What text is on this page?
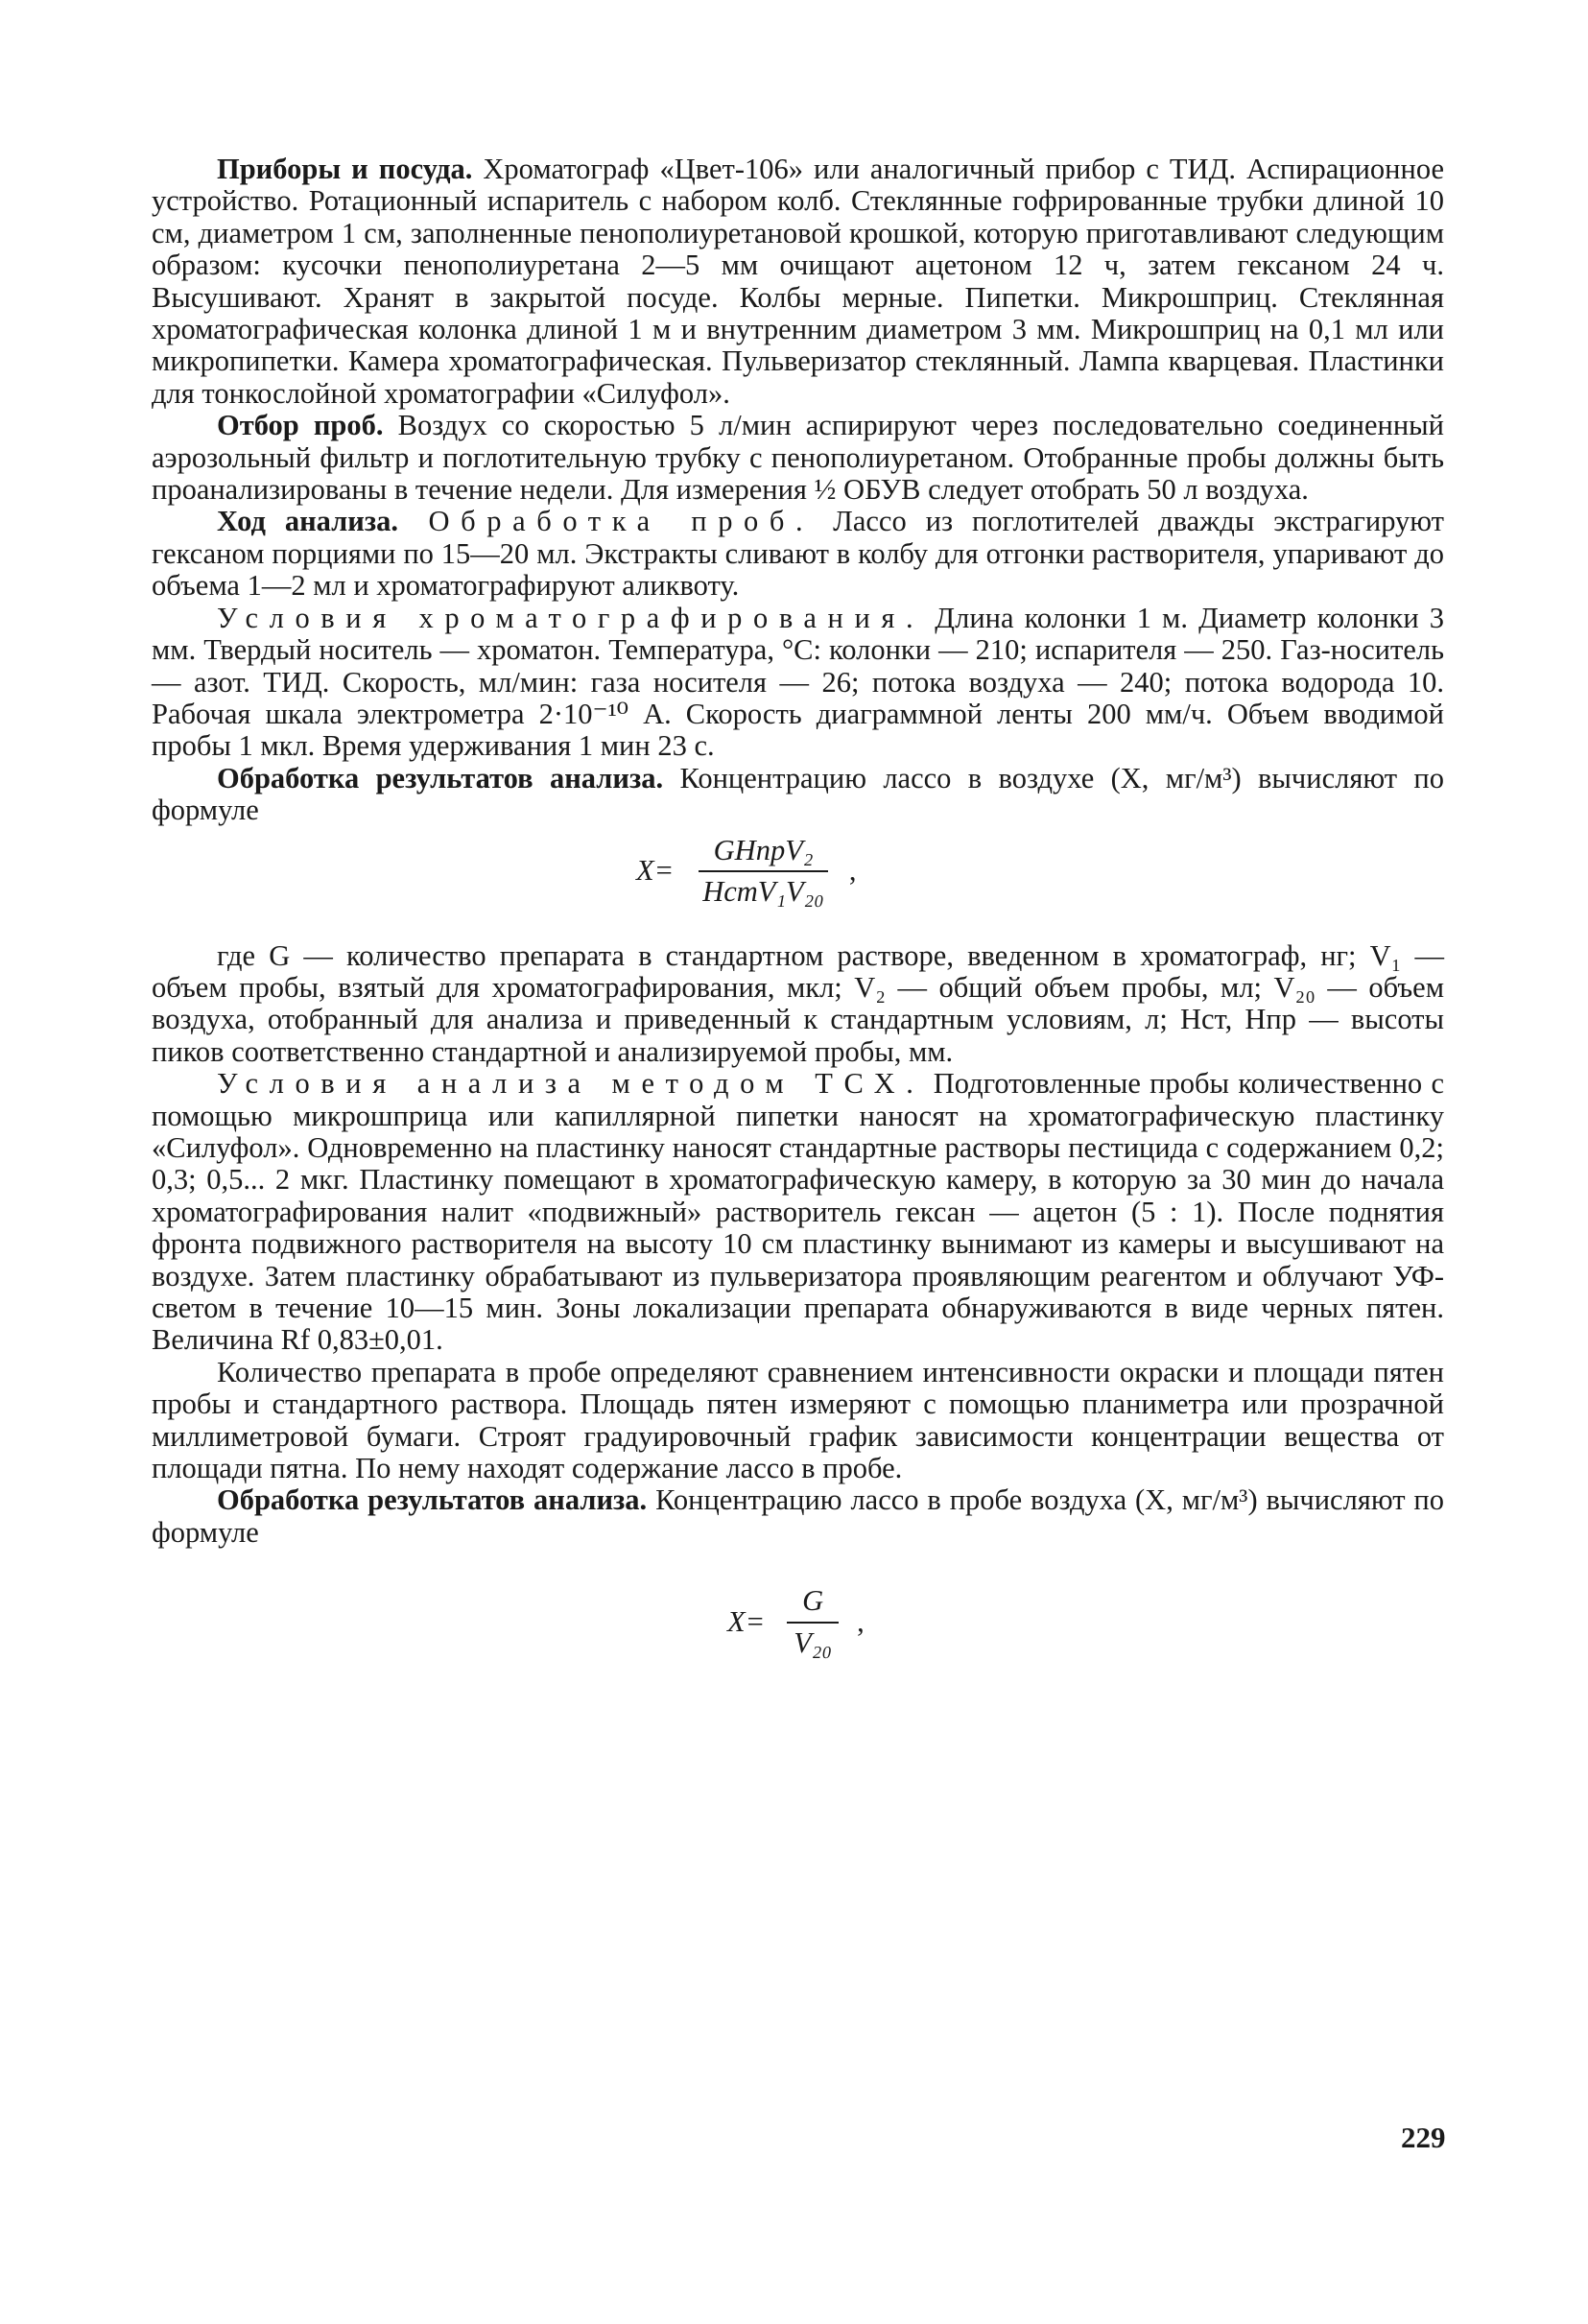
Приборы и посуда. Хроматограф «Цвет-106» или аналогичный прибор с ТИД. Аспирационное устройство. Ротационный испаритель с набором колб. Стеклянные гофрированные трубки длиной 10 см, диаметром 1 см, заполненные пенополиуретановой крошкой, которую приготавливают следующим образом: кусочки пенополиуретана 2—5 мм очищают ацетоном 12 ч, затем гексаном 24 ч. Высушивают. Хранят в закрытой посуде. Колбы мерные. Пипетки. Микрошприц. Стеклянная хроматографическая колонка длиной 1 м и внутренним диаметром 3 мм. Микрошприц на 0,1 мл или микропипетки. Камера хроматографическая. Пульверизатор стеклянный. Лампа кварцевая. Пластинки для тонкослойной хроматографии «Силуфол».

Отбор проб. Воздух со скоростью 5 л/мин аспирируют через последовательно соединенный аэрозольный фильтр и поглотительную трубку с пенополиуретаном. Отобранные пробы должны быть проанализированы в течение недели. Для измерения ½ ОБУВ следует отобрать 50 л воздуха.

Ход анализа. Обработка проб. Лассо из поглотителей дважды экстрагируют гексаном порциями по 15—20 мл. Экстракты сливают в колбу для отгонки растворителя, упаривают до объема 1—2 мл и хроматографируют аликвоту.

Условия хроматографирования. Длина колонки 1 м. Диаметр колонки 3 мм. Твердый носитель — хроматон. Температура, °С: колонки — 210; испарителя — 250. Газ-носитель — азот. ТИД. Скорость, мл/мин: газа носителя — 26; потока воздуха — 240; потока водорода 10. Рабочая шкала электрометра 2·10⁻¹⁰ А. Скорость диаграммной ленты 200 мм/ч. Объем вводимой пробы 1 мкл. Время удерживания 1 мин 23 с.

Обработка результатов анализа. Концентрацию лассо в воздухе (X, мг/м³) вычисляют по формуле

$X= \frac{\text{GHпрV₂}}{\text{HстV₁V₂₀}}$ ,

где G — количество препарата в стандартном растворе, введенном в хроматограф, нг; V₁ — объем пробы, взятый для хроматографирования, мкл; V₂ — общий объем пробы, мл; V₂₀ — объем воздуха, отобранный для анализа и приведенный к стандартным условиям, л; Hст, Hпр — высоты пиков соответственно стандартной и анализируемой пробы, мм.

Условия анализа методом ТСХ. Подготовленные пробы количественно с помощью микрошприца или капиллярной пипетки наносят на хроматографическую пластинку «Силуфол». Одновременно на пластинку наносят стандартные растворы пестицида с содержанием 0,2; 0,3; 0,5... 2 мкг. Пластинку помещают в хроматографическую камеру, в которую за 30 мин до начала хроматографирования налит «подвижный» растворитель гексан — ацетон (5 : 1). После поднятия фронта подвижного растворителя на высоту 10 см пластинку вынимают из камеры и высушивают на воздухе. Затем пластинку обрабатывают из пульверизатора проявляющим реагентом и облучают УФ-светом в течение 10—15 мин. Зоны локализации препарата обнаруживаются в виде черных пятен. Величина Rf 0,83±0,01.

Количество препарата в пробе определяют сравнением интенсивности окраски и площади пятен пробы и стандартного раствора. Площадь пятен измеряют с помощью планиметра или прозрачной миллиметровой бумаги. Строят градуировочный график зависимости концентрации вещества от площади пятна. По нему находят содержание лассо в пробе.

Обработка результатов анализа. Концентрацию лассо в пробе воздуха (X, мг/м³) вычисляют по формуле

$X= \frac{G}{\text{V₂₀}}$ ,
229
